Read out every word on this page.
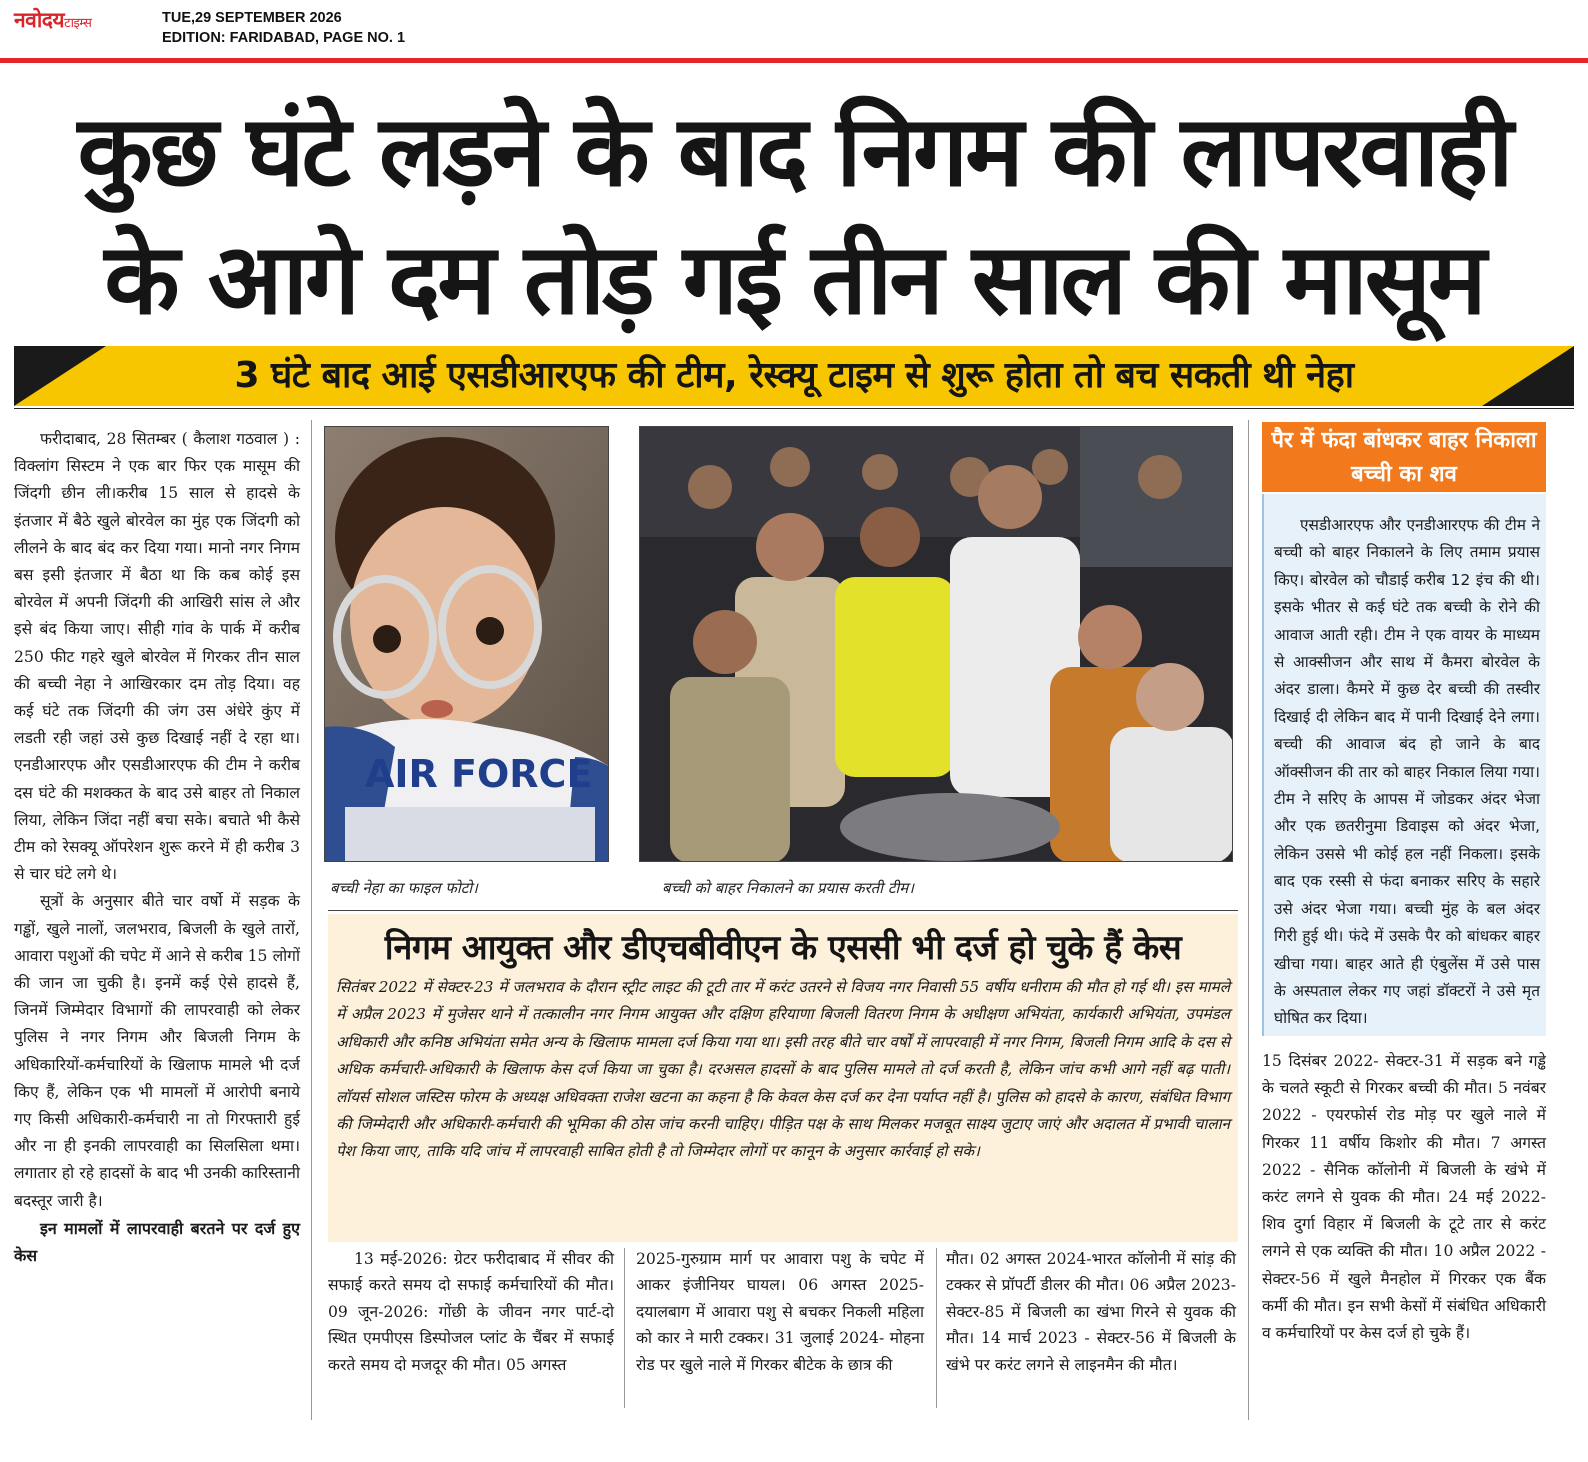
नवोदयटाइम्स	TUE,29 SEPTEMBER 2026
EDITION: FARIDABAD, PAGE NO. 1
कुछ घंटे लड़ने के बाद निगम की लापरवाही
के आगे दम तोड़ गई तीन साल की मासूम
3 घंटे बाद आई एसडीआरएफ की टीम, रेस्क्यू टाइम से शुरू होता तो बच सकती थी नेहा

फरीदाबाद, 28 सितम्बर ( कैलाश गठवाल ) : विक्लांग सिस्टम ने एक बार फिर एक मासूम की जिंदगी छीन ली।करीब 15 साल से हादसे के इंतजार में बैठे खुले बोरवेल का मुंह एक जिंदगी को लीलने के बाद बंद कर दिया गया। मानो नगर निगम बस इसी इंतजार में बैठा था कि कब कोई इस बोरवेल में अपनी जिंदगी की आखिरी सांस ले और इसे बंद किया जाए। सीही गांव के पार्क में करीब 250 फीट गहरे खुले बोरवेल में गिरकर तीन साल की बच्ची नेहा ने आखिरकार दम तोड़ दिया। वह कई घंटे तक जिंदगी की जंग उस अंधेरे कुंए में लडती रही जहां उसे कुछ दिखाई नहीं दे रहा था। एनडीआरएफ और एसडीआरएफ की टीम ने करीब दस घंटे की मशक्कत के बाद उसे बाहर तो निकाल लिया, लेकिन जिंदा नहीं बचा सके। बचाते भी कैसे टीम को रेसक्यू ऑपरेशन शुरू करने में ही करीब 3 से चार घंटे लगे थे।

सूत्रों के अनुसार बीते चार वर्षो में सड़क के गड्ढों, खुले नालों, जलभराव, बिजली के खुले तारों, आवारा पशुओं की चपेट में आने से करीब 15 लोगों की जान जा चुकी है। इनमें कई ऐसे हादसे हैं, जिनमें जिम्मेदार विभागों की लापरवाही को लेकर पुलिस ने नगर निगम और बिजली निगम के अधिकारियों-कर्मचारियों के खिलाफ मामले भी दर्ज किए हैं, लेकिन एक भी मामलों में आरोपी बनाये गए किसी अधिकारी-कर्मचारी ना तो गिरफ्तारी हुई और ना ही इनकी लापरवाही का सिलसिला थमा। लगातार हो रहे हादसों के बाद भी उनकी कारिस्तानी बदस्तूर जारी है।

इन मामलों में लापरवाही बरतने पर दर्ज हुए केस

AIR FORCE
बच्ची नेहा का फाइल फोटो।	बच्ची को बाहर निकालने का प्रयास करती टीम।
निगम आयुक्त और डीएचबीवीएन के एससी भी दर्ज हो चुके हैं केस
सितंबर 2022 में सेक्टर-23 में जलभराव के दौरान स्ट्रीट लाइट की टूटी तार में करंट उतरने से विजय नगर निवासी 55 वर्षीय धनीराम की मौत हो गई थी। इस मामले में अप्रैल 2023 में मुजेसर थाने में तत्कालीन नगर निगम आयुक्त और दक्षिण हरियाणा बिजली वितरण निगम के अधीक्षण अभियंता, कार्यकारी अभियंता, उपमंडल अधिकारी और कनिष्ठ अभियंता समेत अन्य के खिलाफ मामला दर्ज किया गया था। इसी तरह बीते चार वर्षों में लापरवाही में नगर निगम, बिजली निगम आदि के दस से अधिक कर्मचारी-अधिकारी के खिलाफ केस दर्ज किया जा चुका है। दरअसल हादसों के बाद पुलिस मामले तो दर्ज करती है, लेकिन जांच कभी आगे नहीं बढ़ पाती। लॉयर्स सोशल जस्टिस फोरम के अध्यक्ष अधिवक्ता राजेश खटना का कहना है कि केवल केस दर्ज कर देना पर्याप्त नहीं है। पुलिस को हादसे के कारण, संबंधित विभाग की जिम्मेदारी और अधिकारी-कर्मचारी की भूमिका की ठोस जांच करनी चाहिए। पीड़ित पक्ष के साथ मिलकर मजबूत साक्ष्य जुटाए जाएं और अदालत में प्रभावी चालान पेश किया जाए, ताकि यदि जांच में लापरवाही साबित होती है तो जिम्मेदार लोगों पर कानून के अनुसार कार्रवाई हो सके।
पैर में फंदा बांधकर बाहर निकाला बच्ची का शव

एसडीआरएफ और एनडीआरएफ की टीम ने बच्ची को बाहर निकालने के लिए तमाम प्रयास किए। बोरवेल को चौडाई करीब 12 इंच की थी। इसके भीतर से कई घंटे तक बच्ची के रोने की आवाज आती रही। टीम ने एक वायर के माध्यम से आक्सीजन और साथ में कैमरा बोरवेल के अंदर डाला। कैमरे में कुछ देर बच्ची की तस्वीर दिखाई दी लेकिन बाद में पानी दिखाई देने लगा। बच्ची की आवाज बंद हो जाने के बाद ऑक्सीजन की तार को बाहर निकाल लिया गया। टीम ने सरिए के आपस में जोडकर अंदर भेजा और एक छतरीनुमा डिवाइस को अंदर भेजा, लेकिन उससे भी कोई हल नहीं निकला। इसके बाद एक रस्सी से फंदा बनाकर सरिए के सहारे उसे अंदर भेजा गया। बच्ची मुंह के बल अंदर गिरी हुई थी। फंदे में उसके पैर को बांधकर बाहर खीचा गया। बाहर आते ही एंबुलेंस में उसे पास के अस्पताल लेकर गए जहां डॉक्टरों ने उसे मृत घोषित कर दिया।

15 दिसंबर 2022- सेक्टर-31 में सड़क बने गड्ढे के चलते स्कूटी से गिरकर बच्ची की मौत। 5 नवंबर 2022 - एयरफोर्स रोड मोड़ पर खुले नाले में गिरकर 11 वर्षीय किशोर की मौत। 7 अगस्त 2022 - सैनिक कॉलोनी में बिजली के खंभे में करंट लगने से युवक की मौत। 24 मई 2022- शिव दुर्गा विहार में बिजली के टूटे तार से करंट लगने से एक व्यक्ति की मौत। 10 अप्रैल 2022 - सेक्टर-56 में खुले मैनहोल में गिरकर एक बैंक कर्मी की मौत। इन सभी केसों में संबंधित अधिकारी व कर्मचारियों पर केस दर्ज हो चुके हैं।

13 मई-2026: ग्रेटर फरीदाबाद में सीवर की सफाई करते समय दो सफाई कर्मचारियों की मौत। 09 जून-2026: गोंछी के जीवन नगर पार्ट-दो स्थित एमपीएस डिस्पोजल प्लांट के चैंबर में सफाई करते समय दो मजदूर की मौत। 05 अगस्त

2025-गुरुग्राम मार्ग पर आवारा पशु के चपेट में आकर इंजीनियर घायल। 06 अगस्त 2025-दयालबाग में आवारा पशु से बचकर निकली महिला को कार ने मारी टक्कर। 31 जुलाई 2024- मोहना रोड पर खुले नाले में गिरकर बीटेक के छात्र की

मौत। 02 अगस्त 2024-भारत कॉलोनी में सांड़ की टक्कर से प्रॉपर्टी डीलर की मौत। 06 अप्रैल 2023- सेक्टर-85 में बिजली का खंभा गिरने से युवक की मौत। 14 मार्च 2023 - सेक्टर-56 में बिजली के खंभे पर करंट लगने से लाइनमैन की मौत।
